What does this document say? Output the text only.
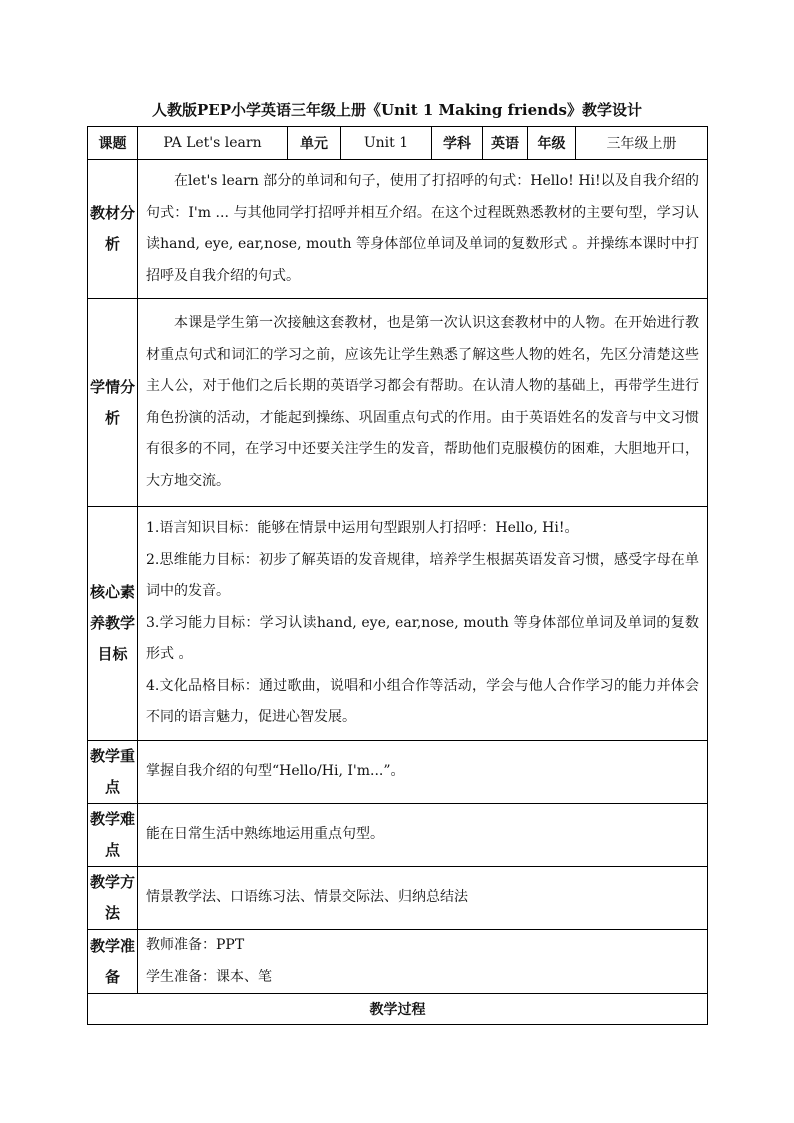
人教版PEP小学英语三年级上册《Unit 1 Making friends》教学设计
课题	PA Let's learn	单元	Unit 1	学科	英语	年级	三年级上册
教材分析	在let's learn 部分的单词和句子，使用了打招呼的句式：Hello! Hi!以及自我介绍的句式：I'm ... 与其他同学打招呼并相互介绍。在这个过程既熟悉教材的主要句型，学习认读hand, eye, ear,nose, mouth 等身体部位单词及单词的复数形式 。并操练本课时中打招呼及自我介绍的句式。						
学情分析	本课是学生第一次接触这套教材，也是第一次认识这套教材中的人物。在开始进行教材重点句式和词汇的学习之前，应该先让学生熟悉了解这些人物的姓名，先区分清楚这些主人公，对于他们之后长期的英语学习都会有帮助。在认清人物的基础上，再带学生进行角色扮演的活动，才能起到操练、巩固重点句式的作用。由于英语姓名的发音与中文习惯有很多的不同，在学习中还要关注学生的发音，帮助他们克服模仿的困难，大胆地开口，大方地交流。						
核心素养教学目标	1.语言知识目标：能够在情景中运用句型跟别人打招呼：Hello, Hi!。
2.思维能力目标：初步了解英语的发音规律，培养学生根据英语发音习惯，感受字母在单词中的发音。
3.学习能力目标：学习认读hand, eye, ear,nose, mouth 等身体部位单词及单词的复数形式 。
4.文化品格目标：通过歌曲，说唱和小组合作等活动，学会与他人合作学习的能力并体会不同的语言魅力，促进心智发展。						

教学重点	掌握自我介绍的句型“Hello/Hi, I'm...”。						
教学难点	能在日常生活中熟练地运用重点句型。						
教学方法	情景教学法、口语练习法、情景交际法、归纳总结法						
教学准备	教师准备：PPT
学生准备：课本、笔						

教学过程							
